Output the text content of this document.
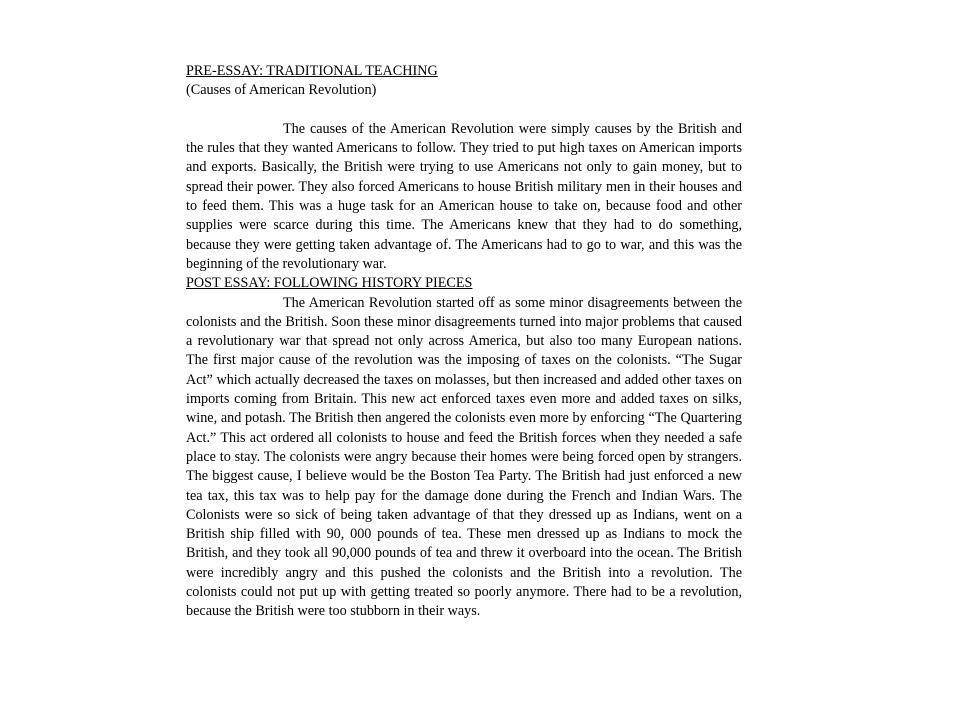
PRE-ESSAY: TRADITIONAL TEACHING
(Causes of American Revolution)

The causes of the American Revolution were simply causes by the British and the rules that they wanted Americans to follow. They tried to put high taxes on American imports and exports. Basically, the British were trying to use Americans not only to gain money, but to spread their power. They also forced Americans to house British military men in their houses and to feed them. This was a huge task for an American house to take on, because food and other supplies were scarce during this time. The Americans knew that they had to do something, because they were getting taken advantage of. The Americans had to go to war, and this was the beginning of the revolutionary war.

POST ESSAY: FOLLOWING HISTORY PIECES

The American Revolution started off as some minor disagreements between the colonists and the British. Soon these minor disagreements turned into major problems that caused a revolutionary war that spread not only across America, but also too many European nations. The first major cause of the revolution was the imposing of taxes on the colonists. “The Sugar Act” which actually decreased the taxes on molasses, but then increased and added other taxes on imports coming from Britain. This new act enforced taxes even more and added taxes on silks, wine, and potash. The British then angered the colonists even more by enforcing “The Quartering Act.” This act ordered all colonists to house and feed the British forces when they needed a safe place to stay. The colonists were angry because their homes were being forced open by strangers. The biggest cause, I believe would be the Boston Tea Party. The British had just enforced a new tea tax, this tax was to help pay for the damage done during the French and Indian Wars. The Colonists were so sick of being taken advantage of that they dressed up as Indians, went on a British ship filled with 90, 000 pounds of tea. These men dressed up as Indians to mock the British, and they took all 90,000 pounds of tea and threw it overboard into the ocean. The British were incredibly angry and this pushed the colonists and the British into a revolution. The colonists could not put up with getting treated so poorly anymore. There had to be a revolution, because the British were too stubborn in their ways.
